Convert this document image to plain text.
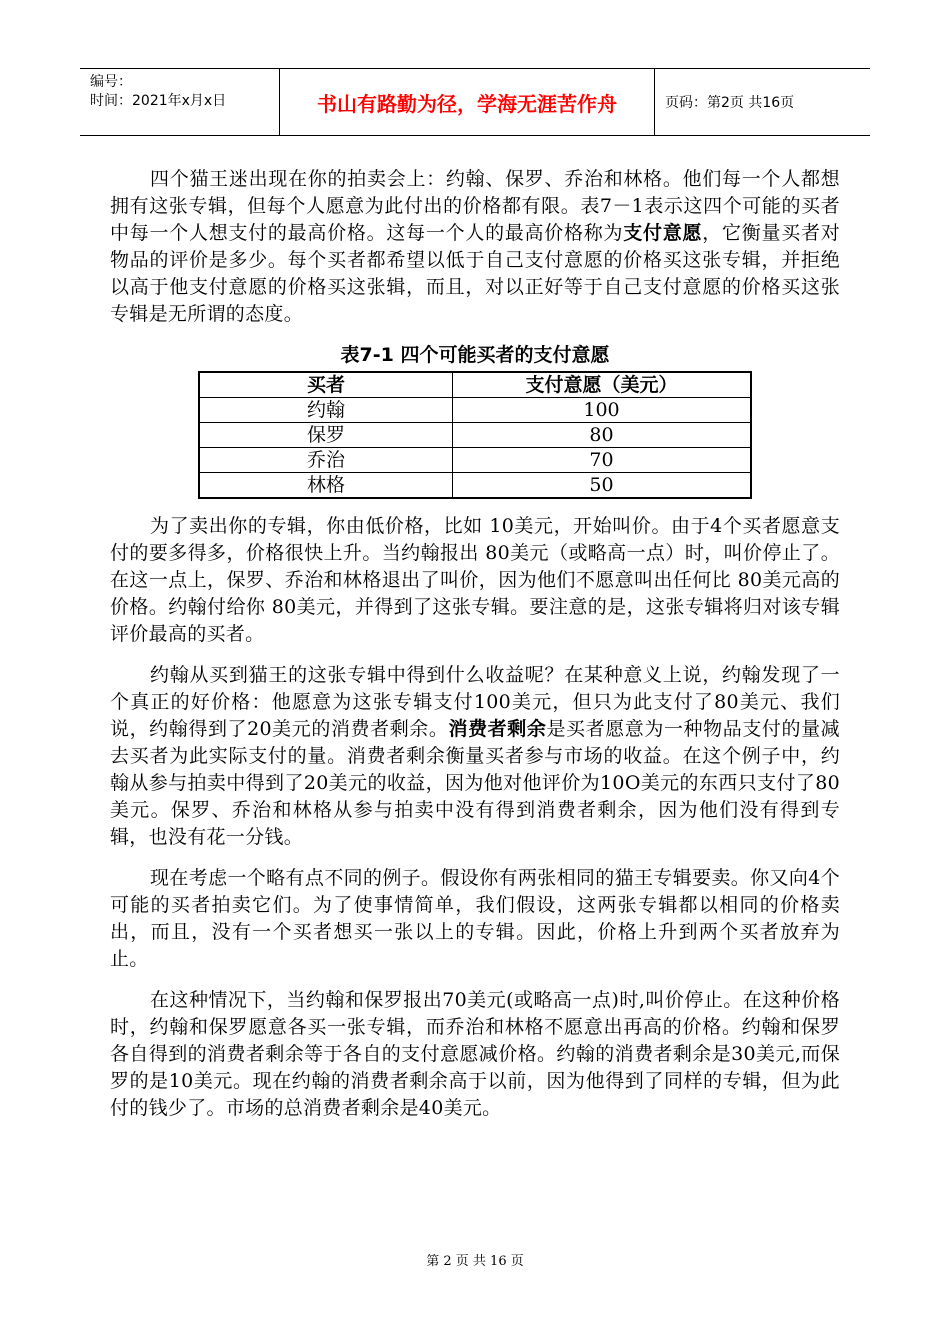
编号：
时间：2021年x月x日	书山有路勤为径，学海无涯苦作舟	页码：第2页 共16页

四个猫王迷出现在你的拍卖会上：约翰、保罗、乔治和林格。他们每一个人都想拥有这张专辑，但每个人愿意为此付出的价格都有限。表7－1表示这四个可能的买者中每一个人想支付的最高价格。这每一个人的最高价格称为支付意愿，它衡量买者对物品的评价是多少。每个买者都希望以低于自己支付意愿的价格买这张专辑，并拒绝以高于他支付意愿的价格买这张辑，而且，对以正好等于自己支付意愿的价格买这张专辑是无所谓的态度。

表7-1 四个可能买者的支付意愿
买者	支付意愿（美元）
约翰	100
保罗	80
乔治	70
林格	50

为了卖出你的专辑，你由低价格，比如 10美元，开始叫价。由于4个买者愿意支付的要多得多，价格很快上升。当约翰报出 80美元（或略高一点）时，叫价停止了。在这一点上，保罗、乔治和林格退出了叫价，因为他们不愿意叫出任何比 80美元高的价格。约翰付给你 80美元，并得到了这张专辑。要注意的是，这张专辑将归对该专辑评价最高的买者。

约翰从买到猫王的这张专辑中得到什么收益呢？在某种意义上说，约翰发现了一个真正的好价格：他愿意为这张专辑支付100美元，但只为此支付了80美元、我们说，约翰得到了20美元的消费者剩余。消费者剩余是买者愿意为一种物品支付的量减去买者为此实际支付的量。消费者剩余衡量买者参与市场的收益。在这个例子中，约翰从参与拍卖中得到了20美元的收益，因为他对他评价为10O美元的东西只支付了80美元。保罗、乔治和林格从参与拍卖中没有得到消费者剩余，因为他们没有得到专辑，也没有花一分钱。

现在考虑一个略有点不同的例子。假设你有两张相同的猫王专辑要卖。你又向4个可能的买者拍卖它们。为了使事情简单，我们假设，这两张专辑都以相同的价格卖出，而且，没有一个买者想买一张以上的专辑。因此，价格上升到两个买者放弃为止。

在这种情况下，当约翰和保罗报出70美元(或略高一点)时,叫价停止。在这种价格时，约翰和保罗愿意各买一张专辑，而乔治和林格不愿意出再高的价格。约翰和保罗各自得到的消费者剩余等于各自的支付意愿减价格。约翰的消费者剩余是30美元,而保罗的是10美元。现在约翰的消费者剩余高于以前，因为他得到了同样的专辑，但为此付的钱少了。市场的总消费者剩余是40美元。

第 2 页 共 16 页
